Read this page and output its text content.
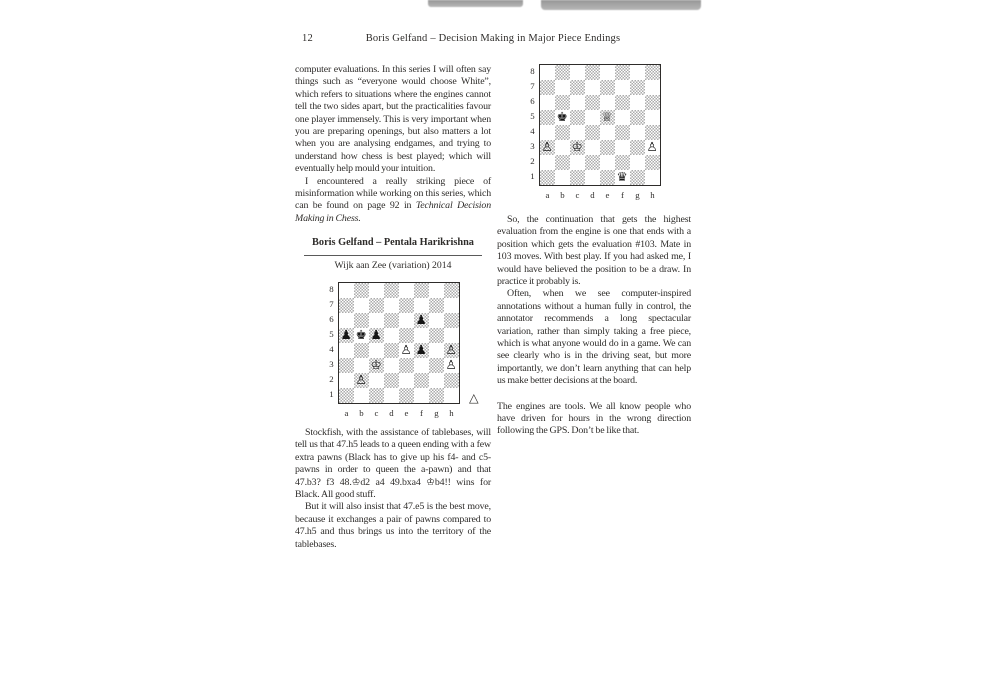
12	Boris Gelfand – Decision Making in Major Piece Endings

computer evaluations. In this series I will often say things such as “everyone would choose White”, which refers to situations where the engines cannot tell the two sides apart, but the practicalities favour one player immensely. This is very important when you are preparing openings, but also matters a lot when you are analysing endgames, and trying to understand how chess is best played; which will eventually help mould your intuition.

I encountered a really striking piece of misinformation while working on this series, which can be found on page 92 in Technical Decision Making in Chess.

Boris Gelfand – Pentala Harikrishna
Wijk aan Zee (variation) 2014
8
7
6
5
4
3
2
1
♟
♟ ♚ ♟
♙ ♟ ♙
♔	♙
♙
a	b	c	d	e	f	g	h
△

Stockfish, with the assistance of tablebases, will tell us that 47.h5 leads to a queen ending with a few extra pawns (Black has to give up his f4- and c5-pawns in order to queen the a-pawn) and that 47.b3? f3 48.♔d2 a4 49.bxa4 ♔b4!! wins for Black. All good stuff.

But it will also insist that 47.e5 is the best move, because it exchanges a pair of pawns compared to 47.h5 and thus brings us into the territory of the tablebases.

8
7
6
5
4
3
2
1
♚	♕
♙ ♔	♙
♛
a	b	c	d	e	f	g	h

So, the continuation that gets the highest evaluation from the engine is one that ends with a position which gets the evaluation #103. Mate in 103 moves. With best play. If you had asked me, I would have believed the position to be a draw. In practice it probably is.

Often, when we see computer-inspired annotations without a human fully in control, the annotator recommends a long spectacular variation, rather than simply taking a free piece, which is what anyone would do in a game. We can see clearly who is in the driving seat, but more importantly, we don’t learn anything that can help us make better decisions at the board.

The engines are tools. We all know people who have driven for hours in the wrong direction following the GPS. Don’t be like that.
